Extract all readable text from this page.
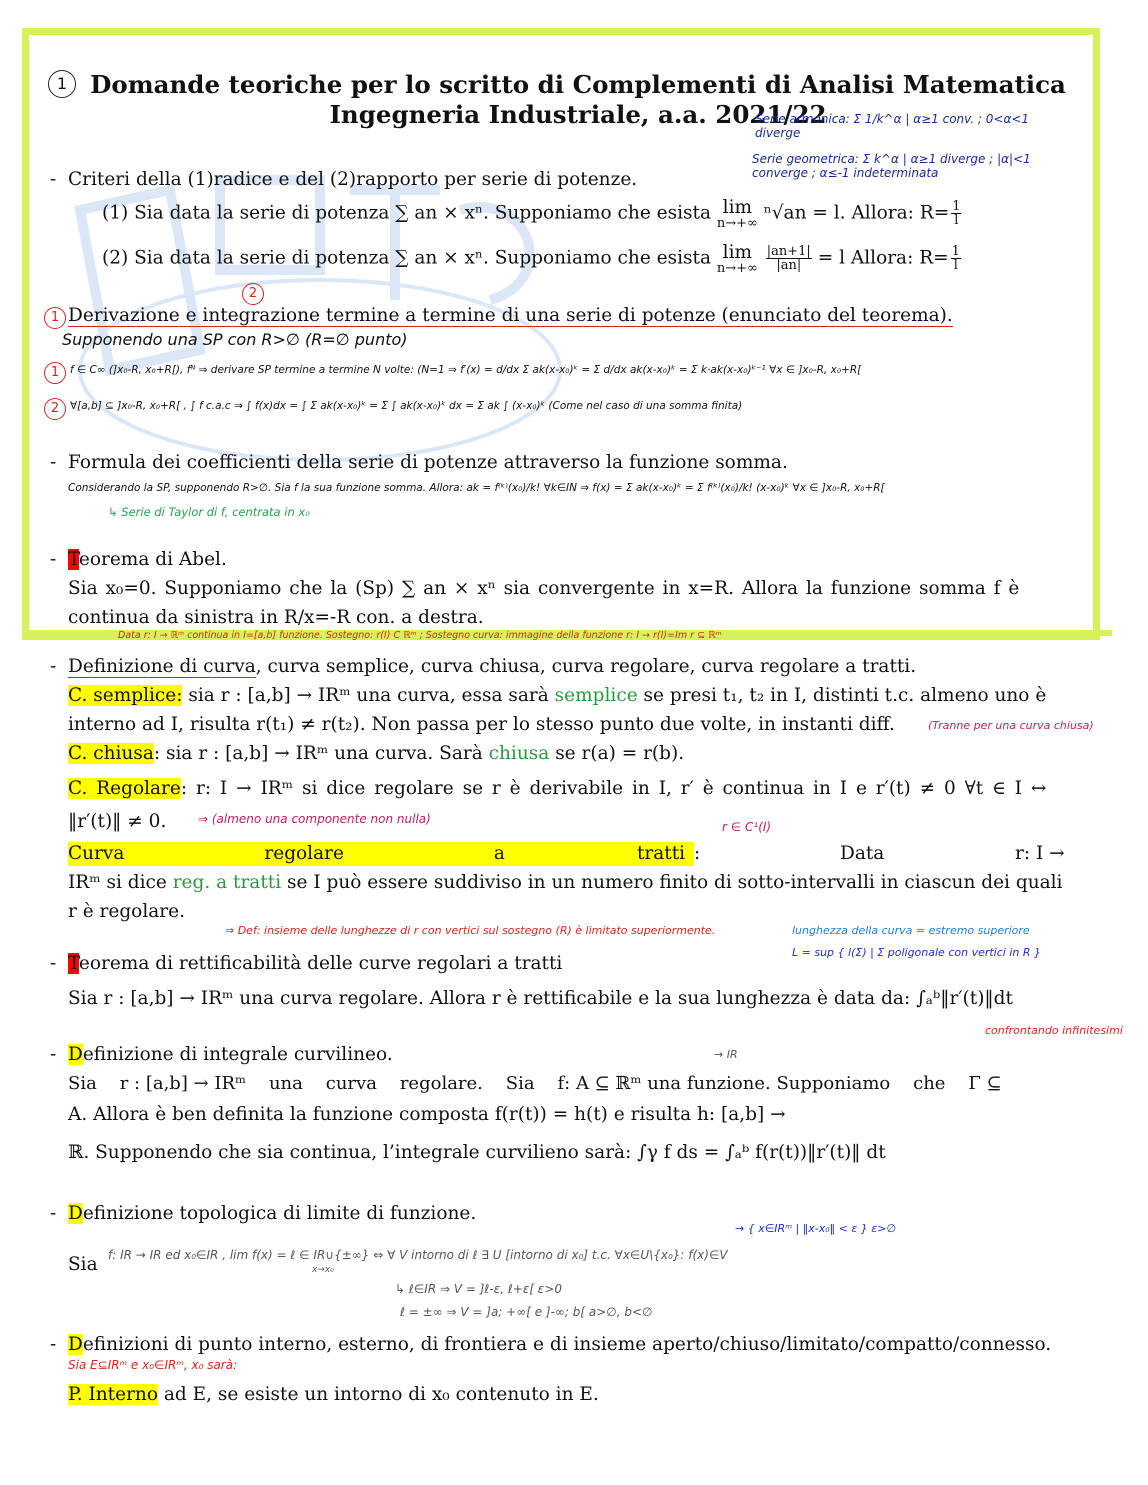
1 Domande teoriche per lo scritto di Complementi di Analisi Matematica
Ingegneria Industriale, a.a. 2021/22
Serie armonica: Σ 1/k^α | α≥1 conv. ; 0<α<1 diverge
Serie geometrica: Σ k^α | α≥1 diverge ; |α|<1 converge ; α≤-1 indeterminata
- Criteri della (1)radice e del (2)rapporto per serie di potenze.
(1) Sia data la serie di potenza ∑ an × xⁿ. Supponiamo che esista lim
n→+∞ ⁿ√an = l. Allora: $R= \frac{1}{l}$
(2) Sia data la serie di potenza ∑ an × xⁿ. Supponiamo che esista lim
n→+∞
$\frac{|an+1|}{|an|} = l$ Allora: $R= \frac{1}{l}$
1
2
Derivazione e integrazione termine a termine di una serie di potenze (enunciato del teorema).
Supponendo una SP con R>∅ (R=∅ punto)
1	f ∈ C∞ (]x₀-R, x₀+R[), fᴺ ⇒ derivare SP termine a termine N volte: (N=1 ⇒ f′(x) = d/dx Σ ak(x-x₀)ᵏ = Σ d/dx ak(x-x₀)ᵏ = Σ k·ak(x-x₀)ᵏ⁻¹ ∀x ∈ ]x₀-R, x₀+R[
2	∀[a,b] ⊆ ]x₀-R, x₀+R[ , ∫ f c.a.c ⇒ ∫ f(x)dx = ∫ Σ ak(x-x₀)ᵏ = Σ ∫ ak(x-x₀)ᵏ dx = Σ ak ∫ (x-x₀)ᵏ (Come nel caso di una somma finita)
- Formula dei coefficienti della serie di potenze attraverso la funzione somma.
Considerando la SP, supponendo R>∅. Sia f la sua funzione somma. Allora: ak = f⁽ᵏ⁾(x₀)/k! ∀k∈IN ⇒ f(x) = Σ ak(x-x₀)ᵏ = Σ f⁽ᵏ⁾(x₀)/k! (x-x₀)ᵏ ∀x ∈ ]x₀-R, x₀+R[
↳ Serie di Taylor di f, centrata in x₀
- Teorema di Abel.
Sia x₀=0. Supponiamo che la (Sp) ∑ an × xⁿ sia convergente in x=R. Allora la funzione somma f è
continua da sinistra in R/x=-R con. a destra.
Data r: I → ℝᵐ continua in I=[a,b] funzione. Sostegno: r(I) C ℝᵐ ; Sostegno curva: immagine della funzione r: I → r(I)=Im r ⊆ ℝᵐ
- Definizione di curva, curva semplice, curva chiusa, curva regolare, curva regolare a tratti.
C. semplice: sia r : [a,b] → IRᵐ una curva, essa sarà semplice se presi t₁, t₂ in I, distinti t.c. almeno uno è
interno ad I, risulta r(t₁) ≠ r(t₂). Non passa per lo stesso punto due volte, in instanti diff.	(Tranne per una curva chiusa)
C. chiusa: sia r : [a,b] → IRᵐ una curva. Sarà chiusa se r(a) = r(b).
C. Regolare: r: I → IRᵐ si dice regolare se r è derivabile in I, r′ è continua in I e r′(t) ≠ 0 ∀t ∈ I ↔
‖r′(t)‖ ≠ 0.	⇒ (almeno una componente non nulla)
r ∈ C¹(I)
Curva	regolare	a	tratti :	Data	r: I →
IRᵐ si dice reg. a tratti se I può essere suddiviso in un numero finito di sotto-intervalli in ciascun dei quali
r è regolare.
⇒ Def: insieme delle lunghezze di r con vertici sul sostegno (R) è limitato superiormente.	lunghezza della curva = estremo superiore
L = sup { l(Σ) | Σ poligonale con vertici in R }
- Teorema di rettificabilità delle curve regolari a tratti
Sia r : [a,b] → IRᵐ una curva regolare. Allora r è rettificabile e la sua lunghezza è data da: ∫ₐᵇ‖r′(t)‖dt
confrontando infinitesimi
- Definizione di integrale curvilineo.	→ IR
Sia    r : [a,b] → IRᵐ    una    curva    regolare.    Sia    f: A ⊆ ℝᵐ una funzione. Supponiamo    che    Γ ⊆
A. Allora è ben definita la funzione composta f(r(t)) = h(t) e risulta h: [a,b] →
ℝ. Supponendo che sia continua, l’integrale curvilieno sarà: ∫γ f ds = ∫ₐᵇ f(r(t))‖r′(t)‖ dt
- Definizione topologica di limite di funzione.
→ { x∈IRᵐ | ‖x-x₀‖ < ε } ε>∅
Sia f: IR → IR ed x₀∈IR , lim f(x) = ℓ ∈ IR∪{±∞} ⇔ ∀ V intorno di ℓ ∃ U [intorno di x₀] t.c. ∀x∈U\{x₀}: f(x)∈V
x→x₀
↳ ℓ∈IR ⇒ V = ]ℓ-ε, ℓ+ε[ ε>0
ℓ = ±∞ ⇒ V = ]a; +∞[ e ]-∞; b[ a>∅, b<∅
- Definizioni di punto interno, esterno, di frontiera e di insieme aperto/chiuso/limitato/compatto/connesso.
Sia E⊆IRᵐ e x₀∈IRᵐ, x₀ sarà:
P. Interno ad E, se esiste un intorno di x₀ contenuto in E.
